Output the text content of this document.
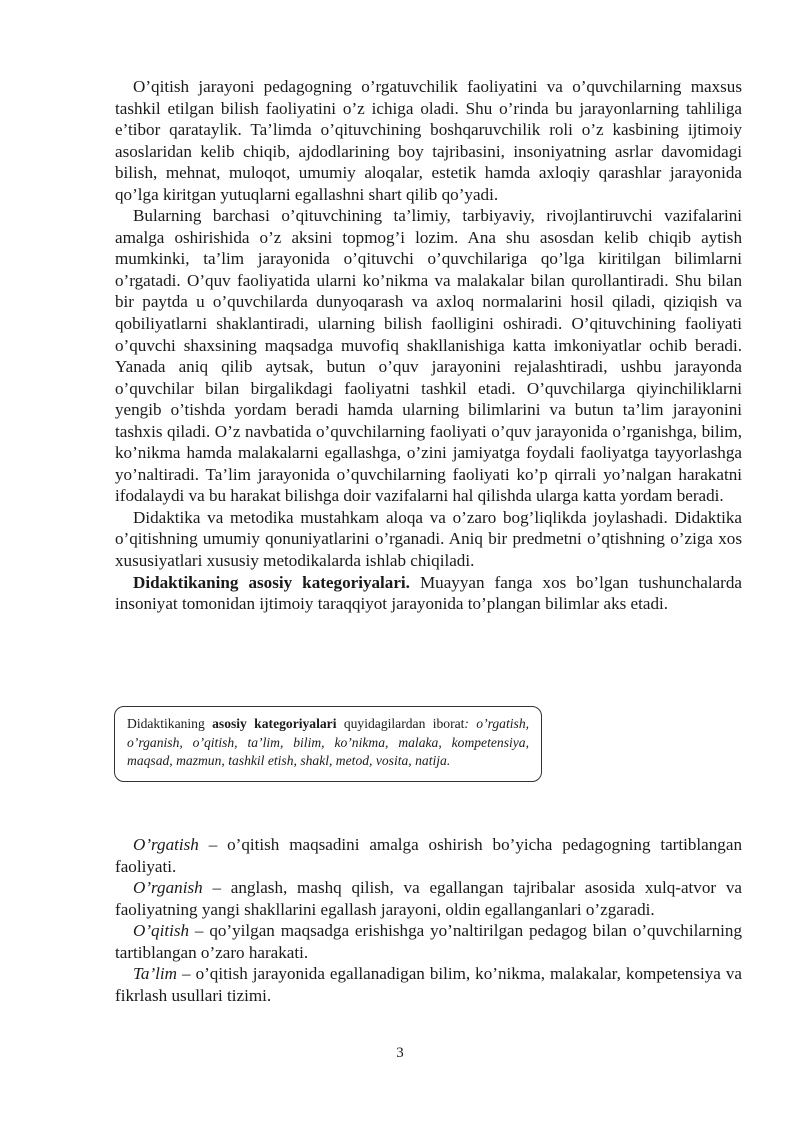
O’qitish jarayoni pedagogning o’rgatuvchilik faoliyatini va o’quvchilarning maxsus tashkil etilgan bilish faoliyatini o’z ichiga oladi. Shu o’rinda bu jarayonlarning tahliliga e’tibor qarataylik. Ta’limda o’qituvchining boshqaruvchilik roli o’z kasbining ijtimoiy asoslaridan kelib chiqib, ajdodlarining boy tajribasini, insoniyatning asrlar davomidagi bilish, mehnat, muloqot, umumiy aloqalar, estetik hamda axloqiy qarashlar jarayonida qo’lga kiritgan yutuqlarni egallashni shart qilib qo’yadi.

Bularning barchasi o’qituvchining ta’limiy, tarbiyaviy, rivojlantiruvchi vazifalarini amalga oshirishida o’z aksini topmog’i lozim. Ana shu asosdan kelib chiqib aytish mumkinki, ta’lim jarayonida o’qituvchi o’quvchilariga qo’lga kiritilgan bilimlarni o’rgatadi. O’quv faoliyatida ularni ko’nikma va malakalar bilan qurollantiradi. Shu bilan bir paytda u o’quvchilarda dunyoqarash va axloq normalarini hosil qiladi, qiziqish va qobiliyatlarni shaklantiradi, ularning bilish faolligini oshiradi. O’qituvchining faoliyati o’quvchi shaxsining maqsadga muvofiq shakllanishiga katta imkoniyatlar ochib beradi. Yanada aniq qilib aytsak, butun o’quv jarayonini rejalashtiradi, ushbu jarayonda o’quvchilar bilan birgalikdagi faoliyatni tashkil etadi. O’quvchilarga qiyinchiliklarni yengib o’tishda yordam beradi hamda ularning bilimlarini va butun ta’lim jarayonini tashxis qiladi. O’z navbatida o’quvchilarning faoliyati o’quv jarayonida o’rganishga, bilim, ko’nikma hamda malakalarni egallashga, o’zini jamiyatga foydali faoliyatga tayyorlashga yo’naltiradi. Ta’lim jarayonida o’quvchilarning faoliyati ko’p qirrali yo’nalgan harakatni ifodalaydi va bu harakat bilishga doir vazifalarni hal qilishda ularga katta yordam beradi.

Didaktika va metodika mustahkam aloqa va o’zaro bog’liqlikda joylashadi. Didaktika o’qitishning umumiy qonuniyatlarini o’rganadi. Aniq bir predmetni o’qtishning o’ziga xos xususiyatlari xususiy metodikalarda ishlab chiqiladi.

Didaktikaning asosiy kategoriyalari. Muayyan fanga xos bo’lgan tushunchalarda insoniyat tomonidan ijtimoiy taraqqiyot jarayonida to’plangan bilimlar aks etadi.

Didaktikaning asosiy kategoriyalari quyidagilardan iborat: o’rgatish, o’rganish, o’qitish, ta’lim, bilim, ko’nikma, malaka, kompetensiya, maqsad, mazmun, tashkil etish, shakl, metod, vosita, natija.

O’rgatish – o’qitish maqsadini amalga oshirish bo’yicha pedagogning tartiblangan faoliyati.

O’rganish – anglash, mashq qilish, va egallangan tajribalar asosida xulq-atvor va faoliyatning yangi shakllarini egallash jarayoni, oldin egallanganlari o’zgaradi.

O’qitish – qo’yilgan maqsadga erishishga yo’naltirilgan pedagog bilan o’quvchilarning tartiblangan o’zaro harakati.

Ta’lim – o’qitish jarayonida egallanadigan bilim, ko’nikma, malakalar, kompetensiya va fikrlash usullari tizimi.

3
